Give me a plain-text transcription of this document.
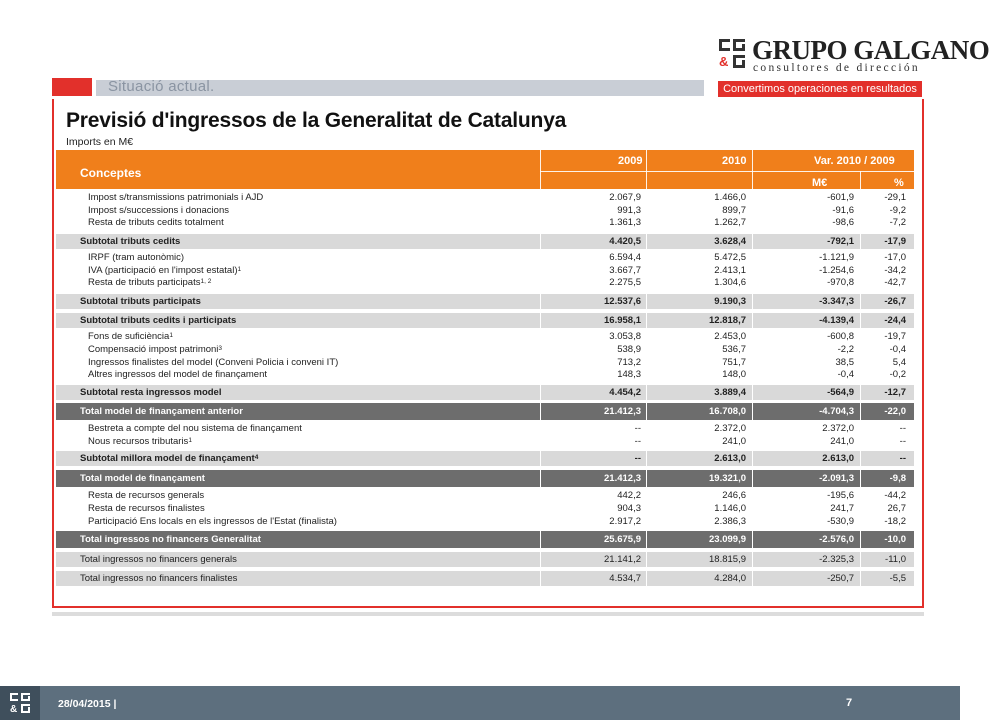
Situació actual.
& GRUPO GALGANO
consultores de dirección
Convertimos operaciones en resultados
Previsió d'ingressos de la Generalitat de Catalunya
Imports en M€
Conceptes
2009	2010	Var. 2010 / 2009
M€	%
Impost s/transmissions patrimonials i AJD	2.067,9	1.466,0	-601,9	-29,1
Impost s/successions i donacions	991,3	899,7	-91,6	-9,2
Resta de tributs cedits totalment	1.361,3	1.262,7	-98,6	-7,2
Subtotal tributs cedits	4.420,5	3.628,4	-792,1	-17,9
IRPF (tram autonòmic)	6.594,4	5.472,5	-1.121,9	-17,0
IVA (participació en l'impost estatal)$^1$	3.667,7	2.413,1	-1.254,6	-34,2
Resta de tributs participats$^{1, 2}$	2.275,5	1.304,6	-970,8	-42,7
Subtotal tributs participats	12.537,6	9.190,3	-3.347,3	-26,7
Subtotal tributs cedits i participats	16.958,1	12.818,7	-4.139,4	-24,4
Fons de suficiència$^1$	3.053,8	2.453,0	-600,8	-19,7
Compensació impost patrimoni$^3$	538,9	536,7	-2,2	-0,4
Ingressos finalistes del model (Conveni Policia i conveni IT)	713,2	751,7	38,5	5,4
Altres ingressos del model de finançament	148,3	148,0	-0,4	-0,2
Subtotal resta ingressos model	4.454,2	3.889,4	-564,9	-12,7
Total model de finançament anterior	21.412,3	16.708,0	-4.704,3	-22,0
Bestreta a compte del nou sistema de finançament	--	2.372,0	2.372,0	--
Nous recursos tributaris$^1$	--	241,0	241,0	--
Subtotal millora model de finançament$^4$	--	2.613,0	2.613,0	--
Total model de finançament	21.412,3	19.321,0	-2.091,3	-9,8
Resta de recursos generals	442,2	246,6	-195,6	-44,2
Resta de recursos finalistes	904,3	1.146,0	241,7	26,7
Participació Ens locals en els ingressos de l'Estat (finalista)	2.917,2	2.386,3	-530,9	-18,2
Total ingressos no financers Generalitat	25.675,9	23.099,9	-2.576,0	-10,0
Total ingressos no financers generals	21.141,2	18.815,9	-2.325,3	-11,0
Total ingressos no financers finalistes	4.534,7	4.284,0	-250,7	-5,5
&	28/04/2015 |	7
